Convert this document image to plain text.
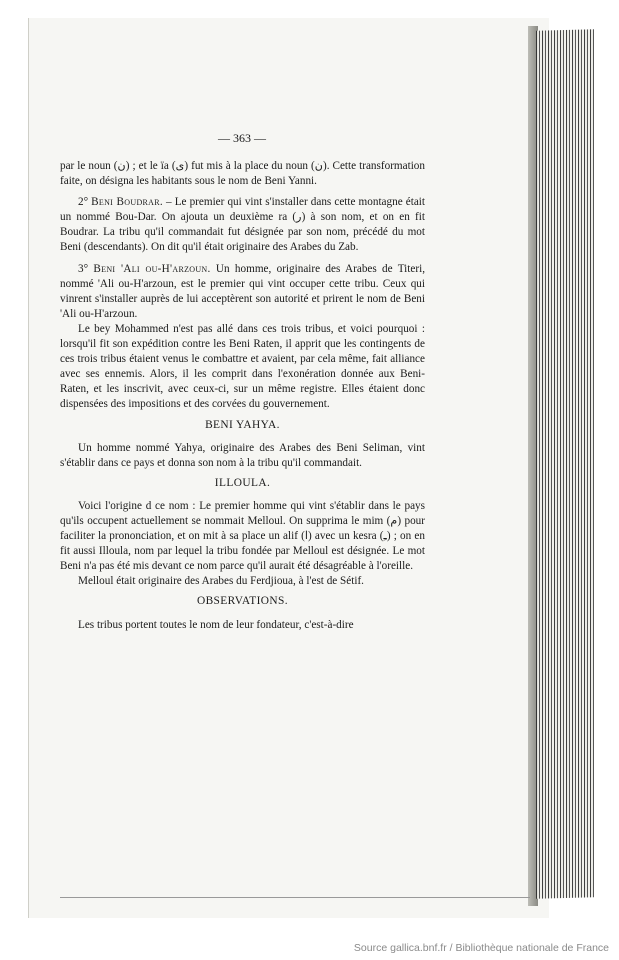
— 363 —

par le noun (ن) ; et le ïa (ى) fut mis à la place du noun (ن). Cette transformation faite, on désigna les habitants sous le nom de Beni Yanni.

2° Beni Boudrar. – Le premier qui vint s'installer dans cette montagne était un nommé Bou-Dar. On ajouta un deuxième ra (ر) à son nom, et on en fit Boudrar. La tribu qu'il commandait fut désignée par son nom, précédé du mot Beni (descendants). On dit qu'il était originaire des Arabes du Zab.

3° Beni 'Ali ou-H'arzoun. Un homme, originaire des Arabes de Titeri, nommé 'Ali ou-H'arzoun, est le premier qui vint occuper cette tribu. Ceux qui vinrent s'installer auprès de lui acceptèrent son autorité et prirent le nom de Beni 'Ali ou-H'arzoun.

Le bey Mohammed n'est pas allé dans ces trois tribus, et voici pourquoi : lorsqu'il fit son expédition contre les Beni Raten, il apprit que les contingents de ces trois tribus étaient venus le combattre et avaient, par cela même, fait alliance avec ses ennemis. Alors, il les comprit dans l'exonération donnée aux Beni-Raten, et les inscrivit, avec ceux-ci, sur un même registre. Elles étaient donc dispensées des impositions et des corvées du gouvernement.

BENI YAHYA.

Un homme nommé Yahya, originaire des Arabes des Beni Seliman, vint s'établir dans ce pays et donna son nom à la tribu qu'il commandait.

ILLOULA.

Voici l'origine d ce nom : Le premier homme qui vint s'établir dans le pays qu'ils occupent actuellement se nommait Melloul. On supprima le mim (م) pour faciliter la prononciation, et on mit à sa place un alif (ا) avec un kesra (ـِ) ; on en fit aussi Illoula, nom par lequel la tribu fondée par Melloul est désignée. Le mot Beni n'a pas été mis devant ce nom parce qu'il aurait été désagréable à l'oreille.

Melloul était originaire des Arabes du Ferdjioua, à l'est de Sétif.

OBSERVATIONS.

Les tribus portent toutes le nom de leur fondateur, c'est-à-dire

Source gallica.bnf.fr / Bibliothèque nationale de France
